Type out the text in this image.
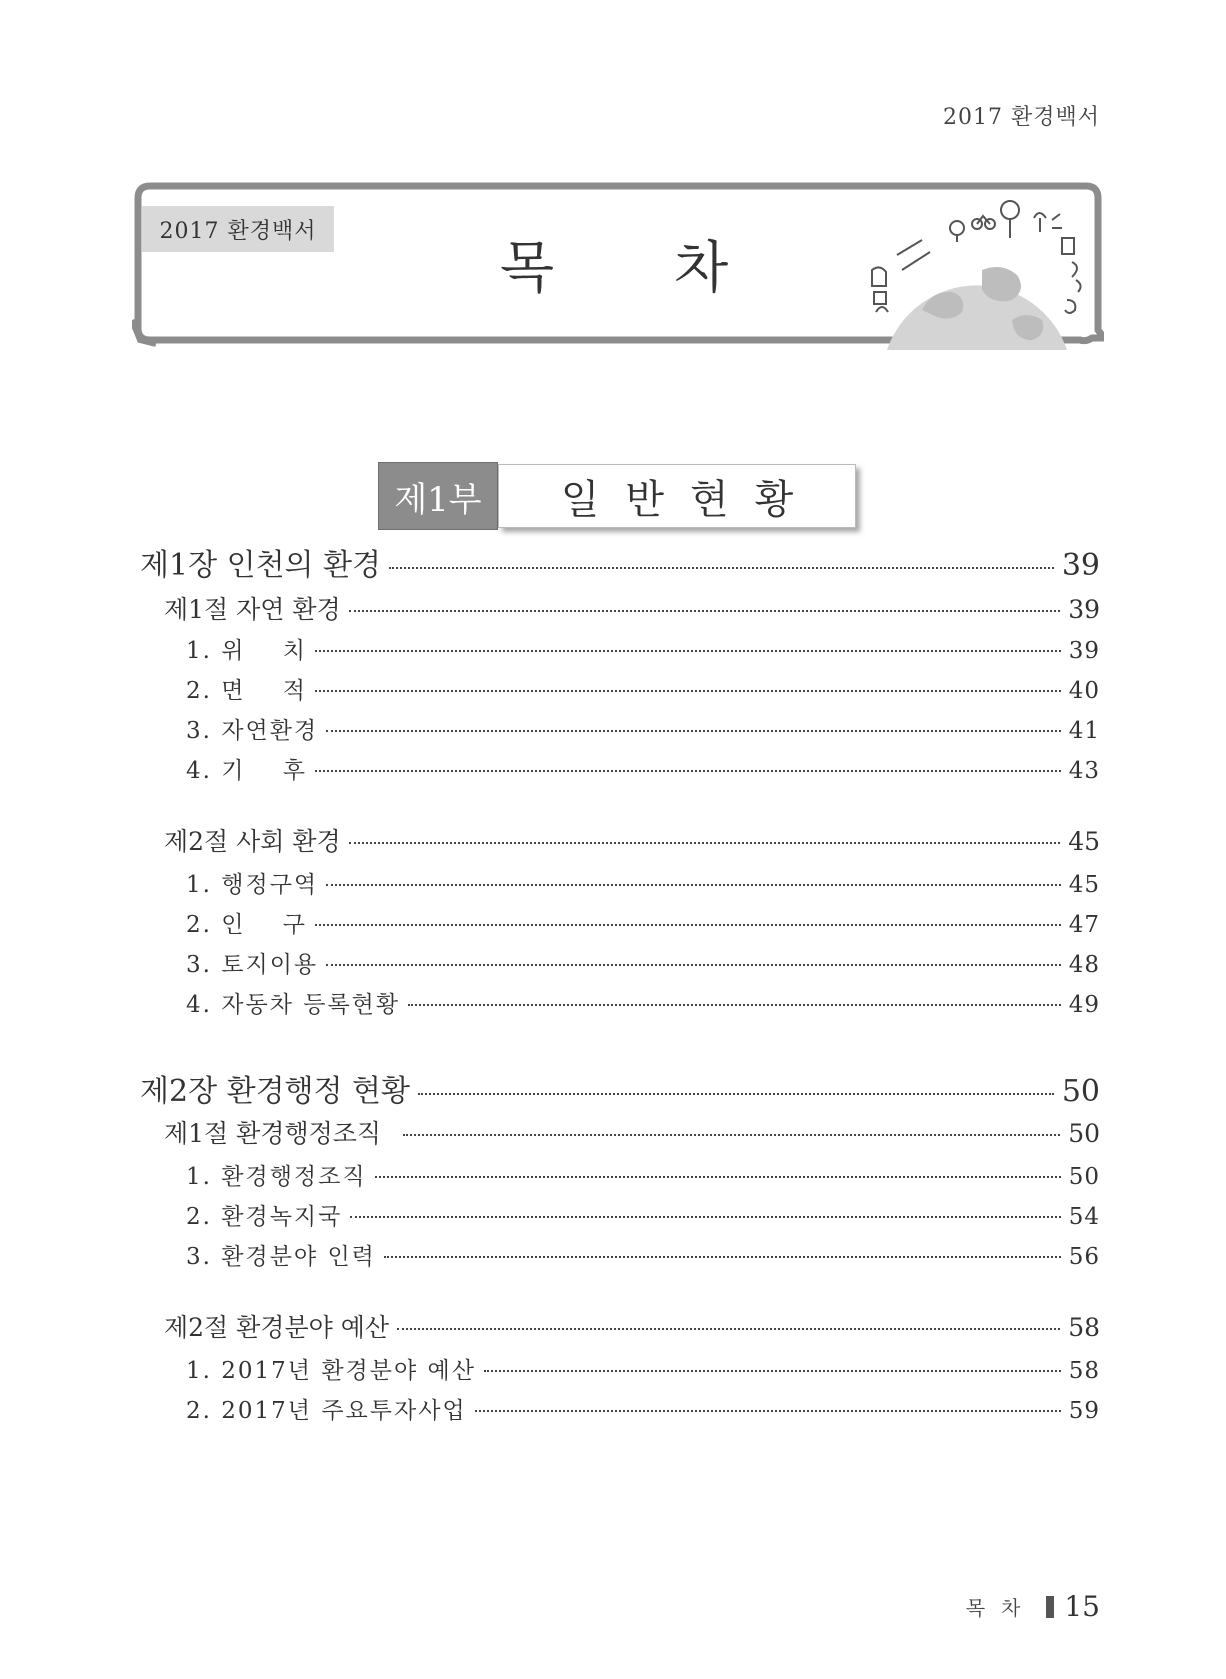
2017 환경백서
2017 환경백서
목차
제1부	일반현황
제1장 인천의 환경	39
제1절 자연 환경	39
1. 위    치	39
2. 면    적	40
3. 자연환경	41
4. 기    후	43
제2절 사회 환경	45
1. 행정구역	45
2. 인    구	47
3. 토지이용	48
4. 자동차 등록현황	49
제2장 환경행정 현황	50
제1절 환경행정조직	50
1. 환경행정조직	50
2. 환경녹지국	54
3. 환경분야 인력	56
제2절 환경분야 예산	58
1. 2017년 환경분야 예산	58
2. 2017년 주요투자사업	59
목차 15
